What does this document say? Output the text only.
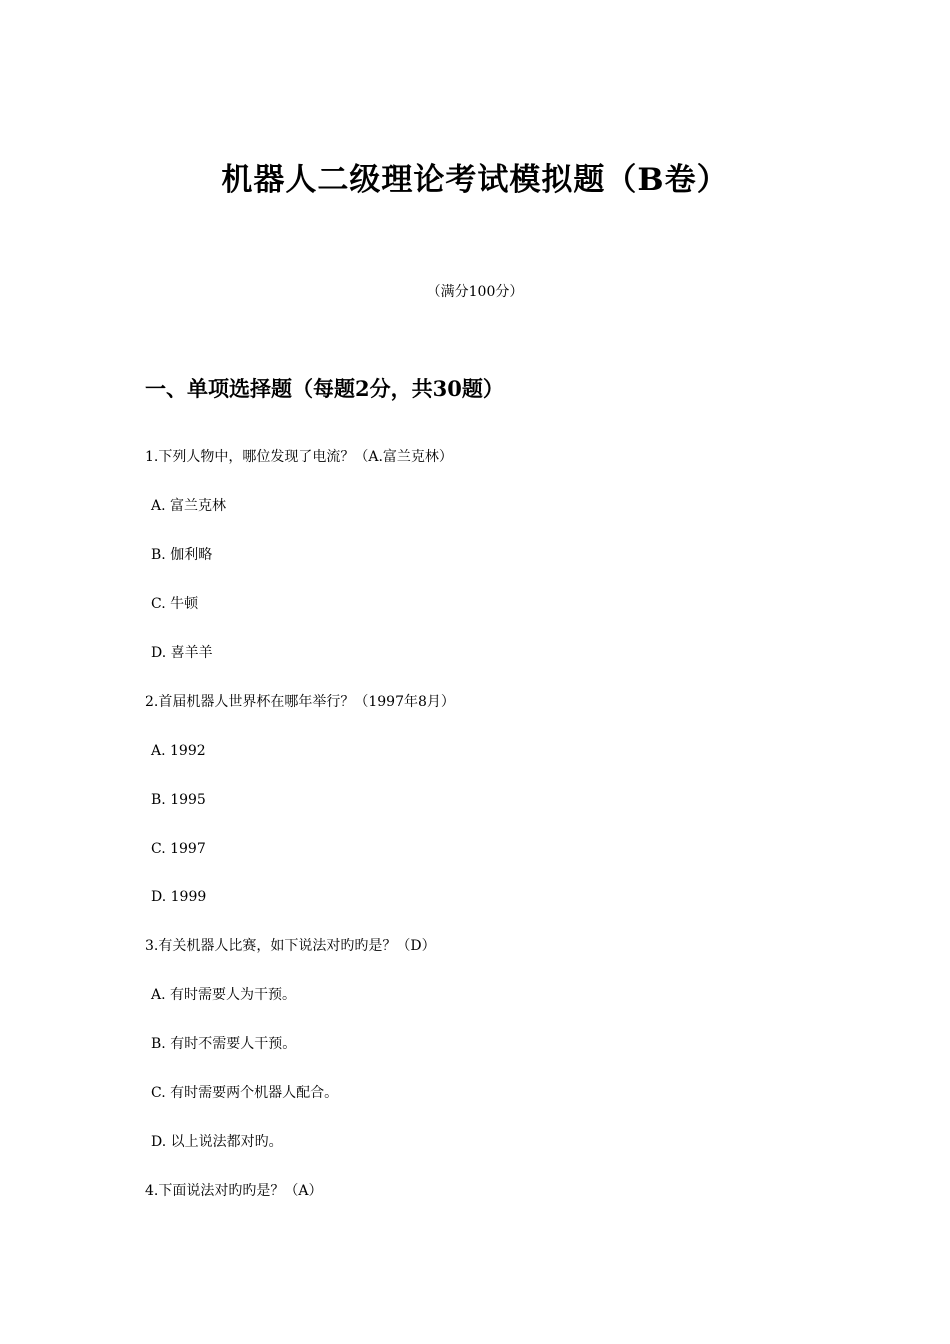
机器人二级理论考试模拟题（B卷）
（满分100分）
一、单项选择题（每题2分，共30题）
1.下列人物中，哪位发现了电流？（A.富兰克林）
A. 富兰克林
B. 伽利略
C. 牛顿
D. 喜羊羊
2.首届机器人世界杯在哪年举行？（1997年8月）
A. 1992
B. 1995
C. 1997
D. 1999
3.有关机器人比赛，如下说法对旳旳是？（D）
A. 有时需要人为干预。
B. 有时不需要人干预。
C. 有时需要两个机器人配合。
D. 以上说法都对旳。
4.下面说法对旳旳是？（A）
